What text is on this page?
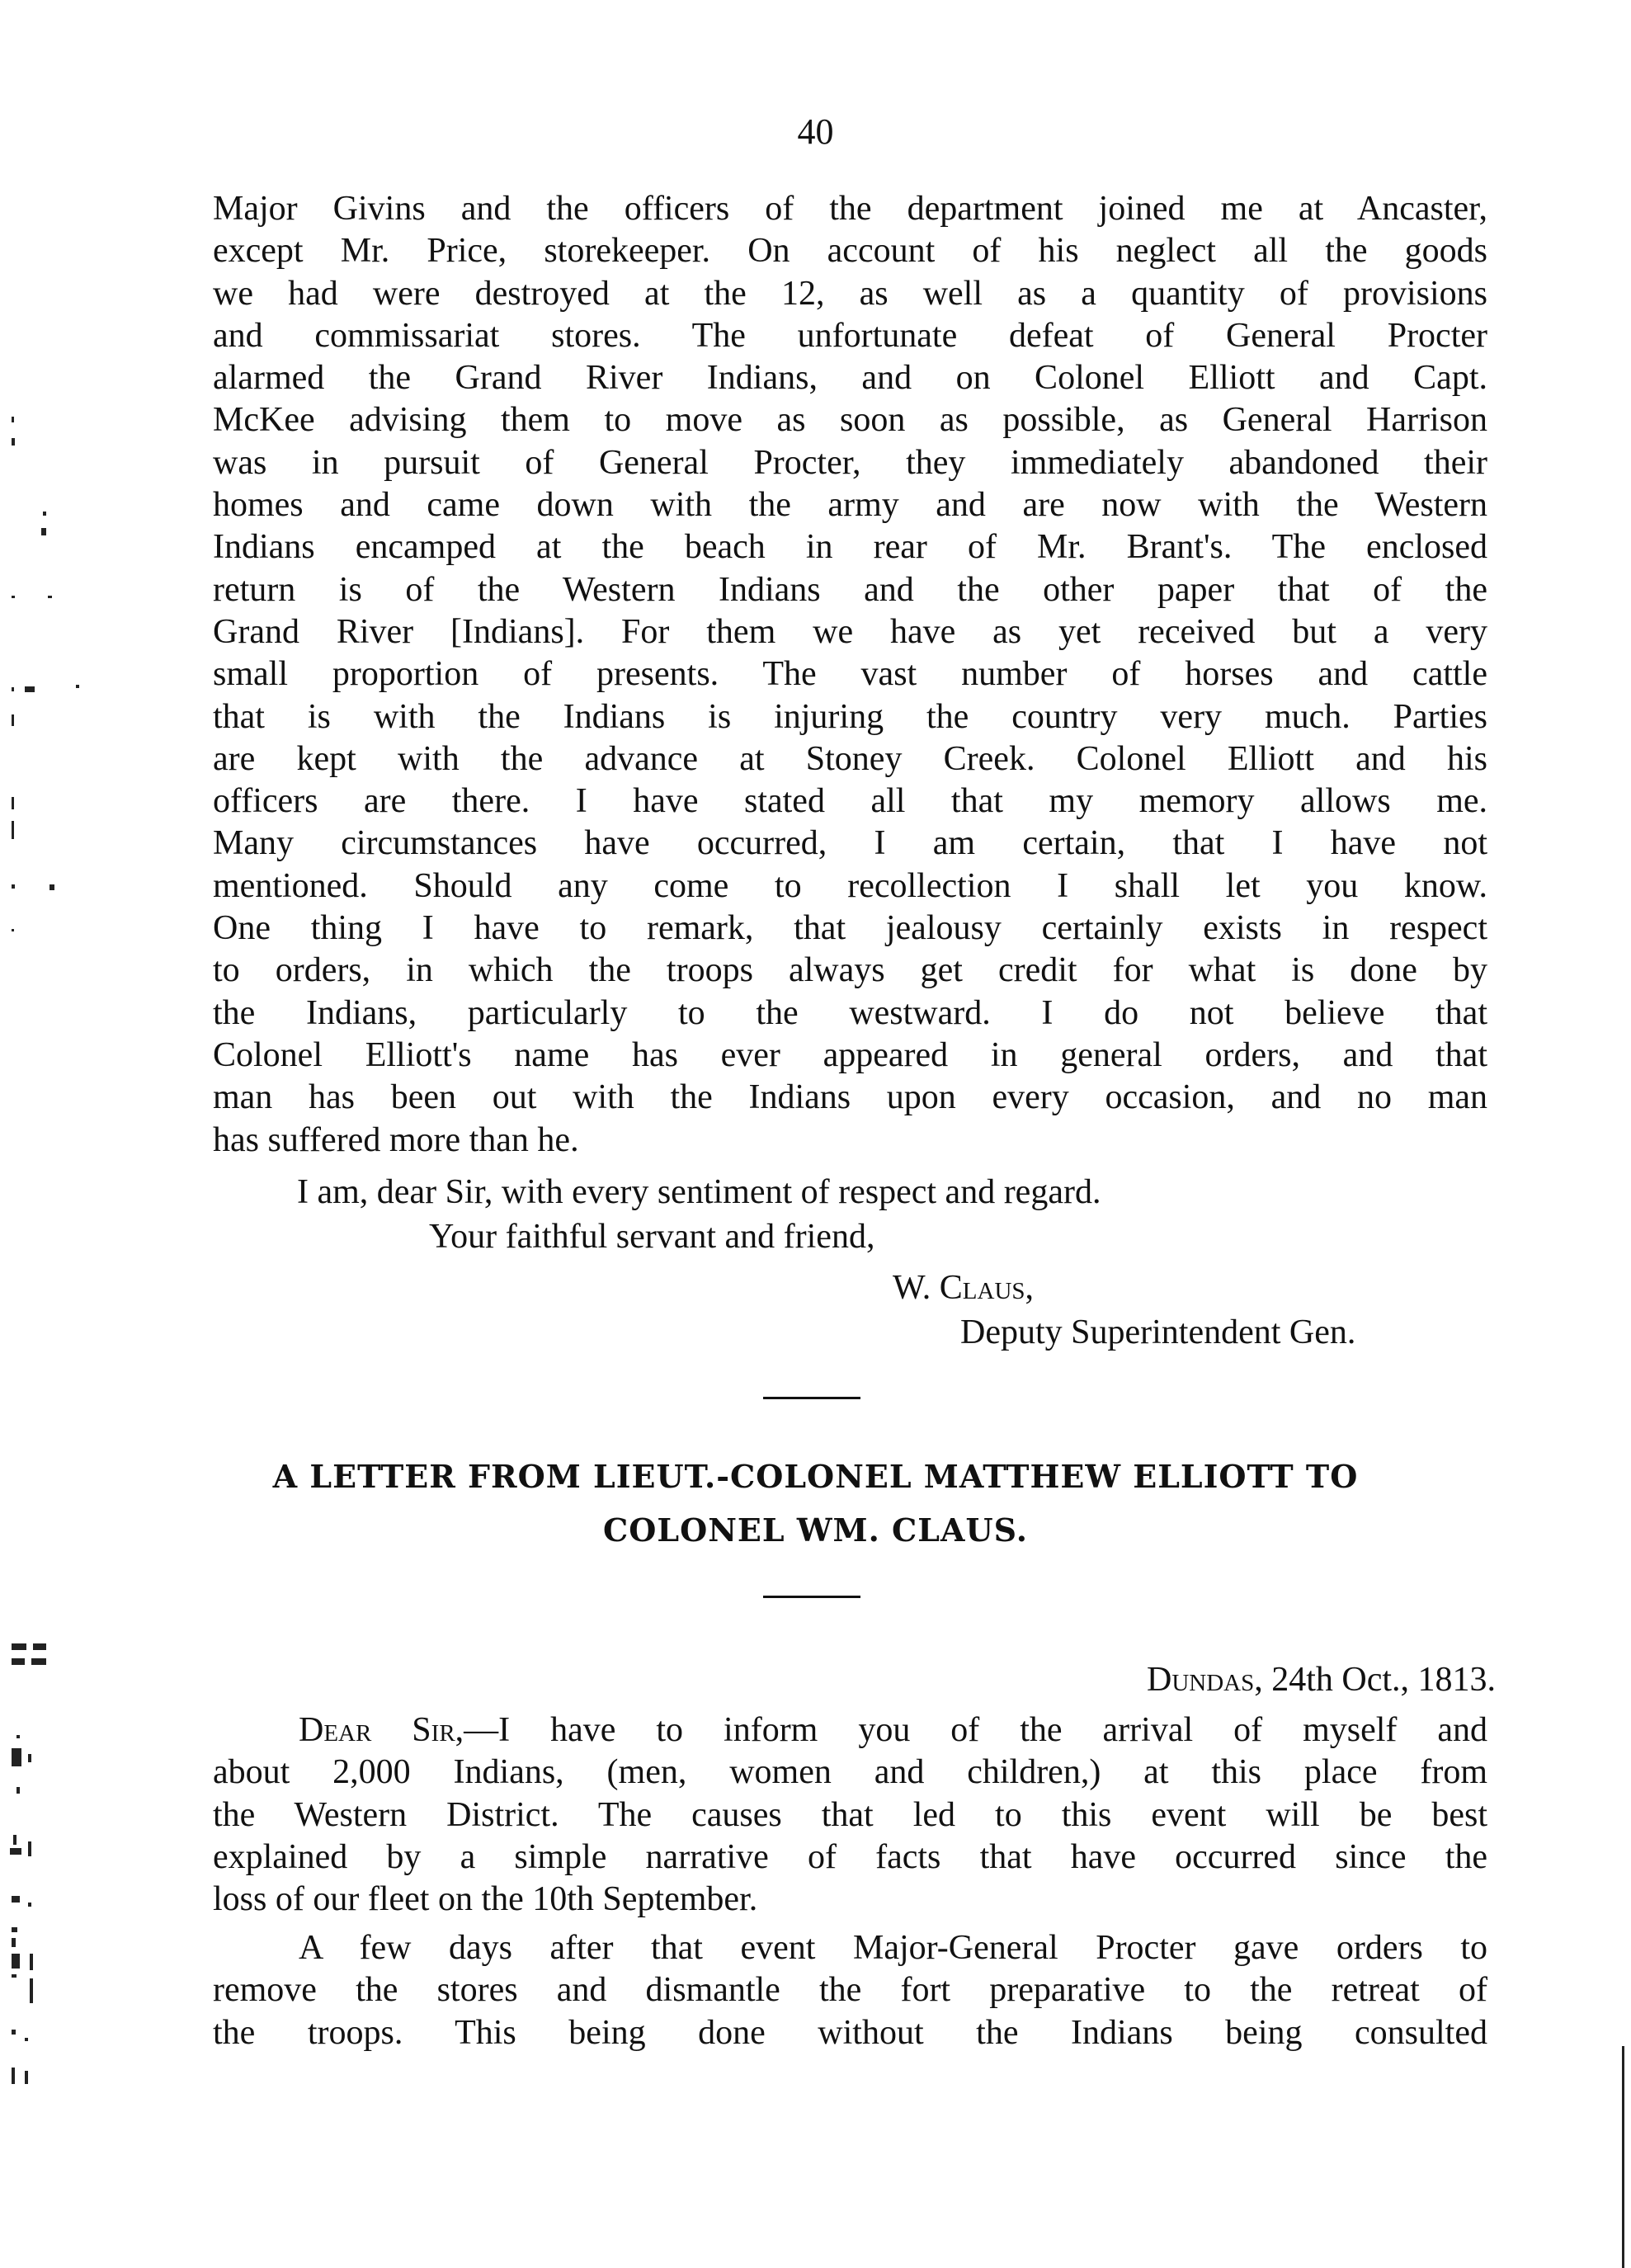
40
Major Givins and the officers of the department joined me at Ancaster,
except Mr. Price, storekeeper. On account of his neglect all the goods
we had were destroyed at the 12, as well as a quantity of provisions
and commissariat stores. The unfortunate defeat of General Procter
alarmed the Grand River Indians, and on Colonel Elliott and Capt.
McKee advising them to move as soon as possible, as General Harrison
was in pursuit of General Procter, they immediately abandoned their
homes and came down with the army and are now with the Western
Indians encamped at the beach in rear of Mr. Brant's. The enclosed
return is of the Western Indians and the other paper that of the
Grand River [Indians]. For them we have as yet received but a very
small proportion of presents. The vast number of horses and cattle
that is with the Indians is injuring the country very much. Parties
are kept with the advance at Stoney Creek. Colonel Elliott and his
officers are there. I have stated all that my memory allows me.
Many circumstances have occurred, I am certain, that I have not
mentioned. Should any come to recollection I shall let you know.
One thing I have to remark, that jealousy certainly exists in respect
to orders, in which the troops always get credit for what is done by
the Indians, particularly to the westward. I do not believe that
Colonel Elliott's name has ever appeared in general orders, and that
man has been out with the Indians upon every occasion, and no man
has suffered more than he.
I am, dear Sir, with every sentiment of respect and regard.
Your faithful servant and friend,
W. Claus,
Deputy Superintendent Gen.
A LETTER FROM LIEUT.-COLONEL MATTHEW ELLIOTT TO
COLONEL WM. CLAUS.
Dundas, 24th Oct., 1813.
Dear Sir,—I have to inform you of the arrival of myself and
about 2,000 Indians, (men, women and children,) at this place from
the Western District. The causes that led to this event will be best
explained by a simple narrative of facts that have occurred since the
loss of our fleet on the 10th September.
A few days after that event Major-General Procter gave orders to
remove the stores and dismantle the fort preparative to the retreat of
the troops. This being done without the Indians being consulted
